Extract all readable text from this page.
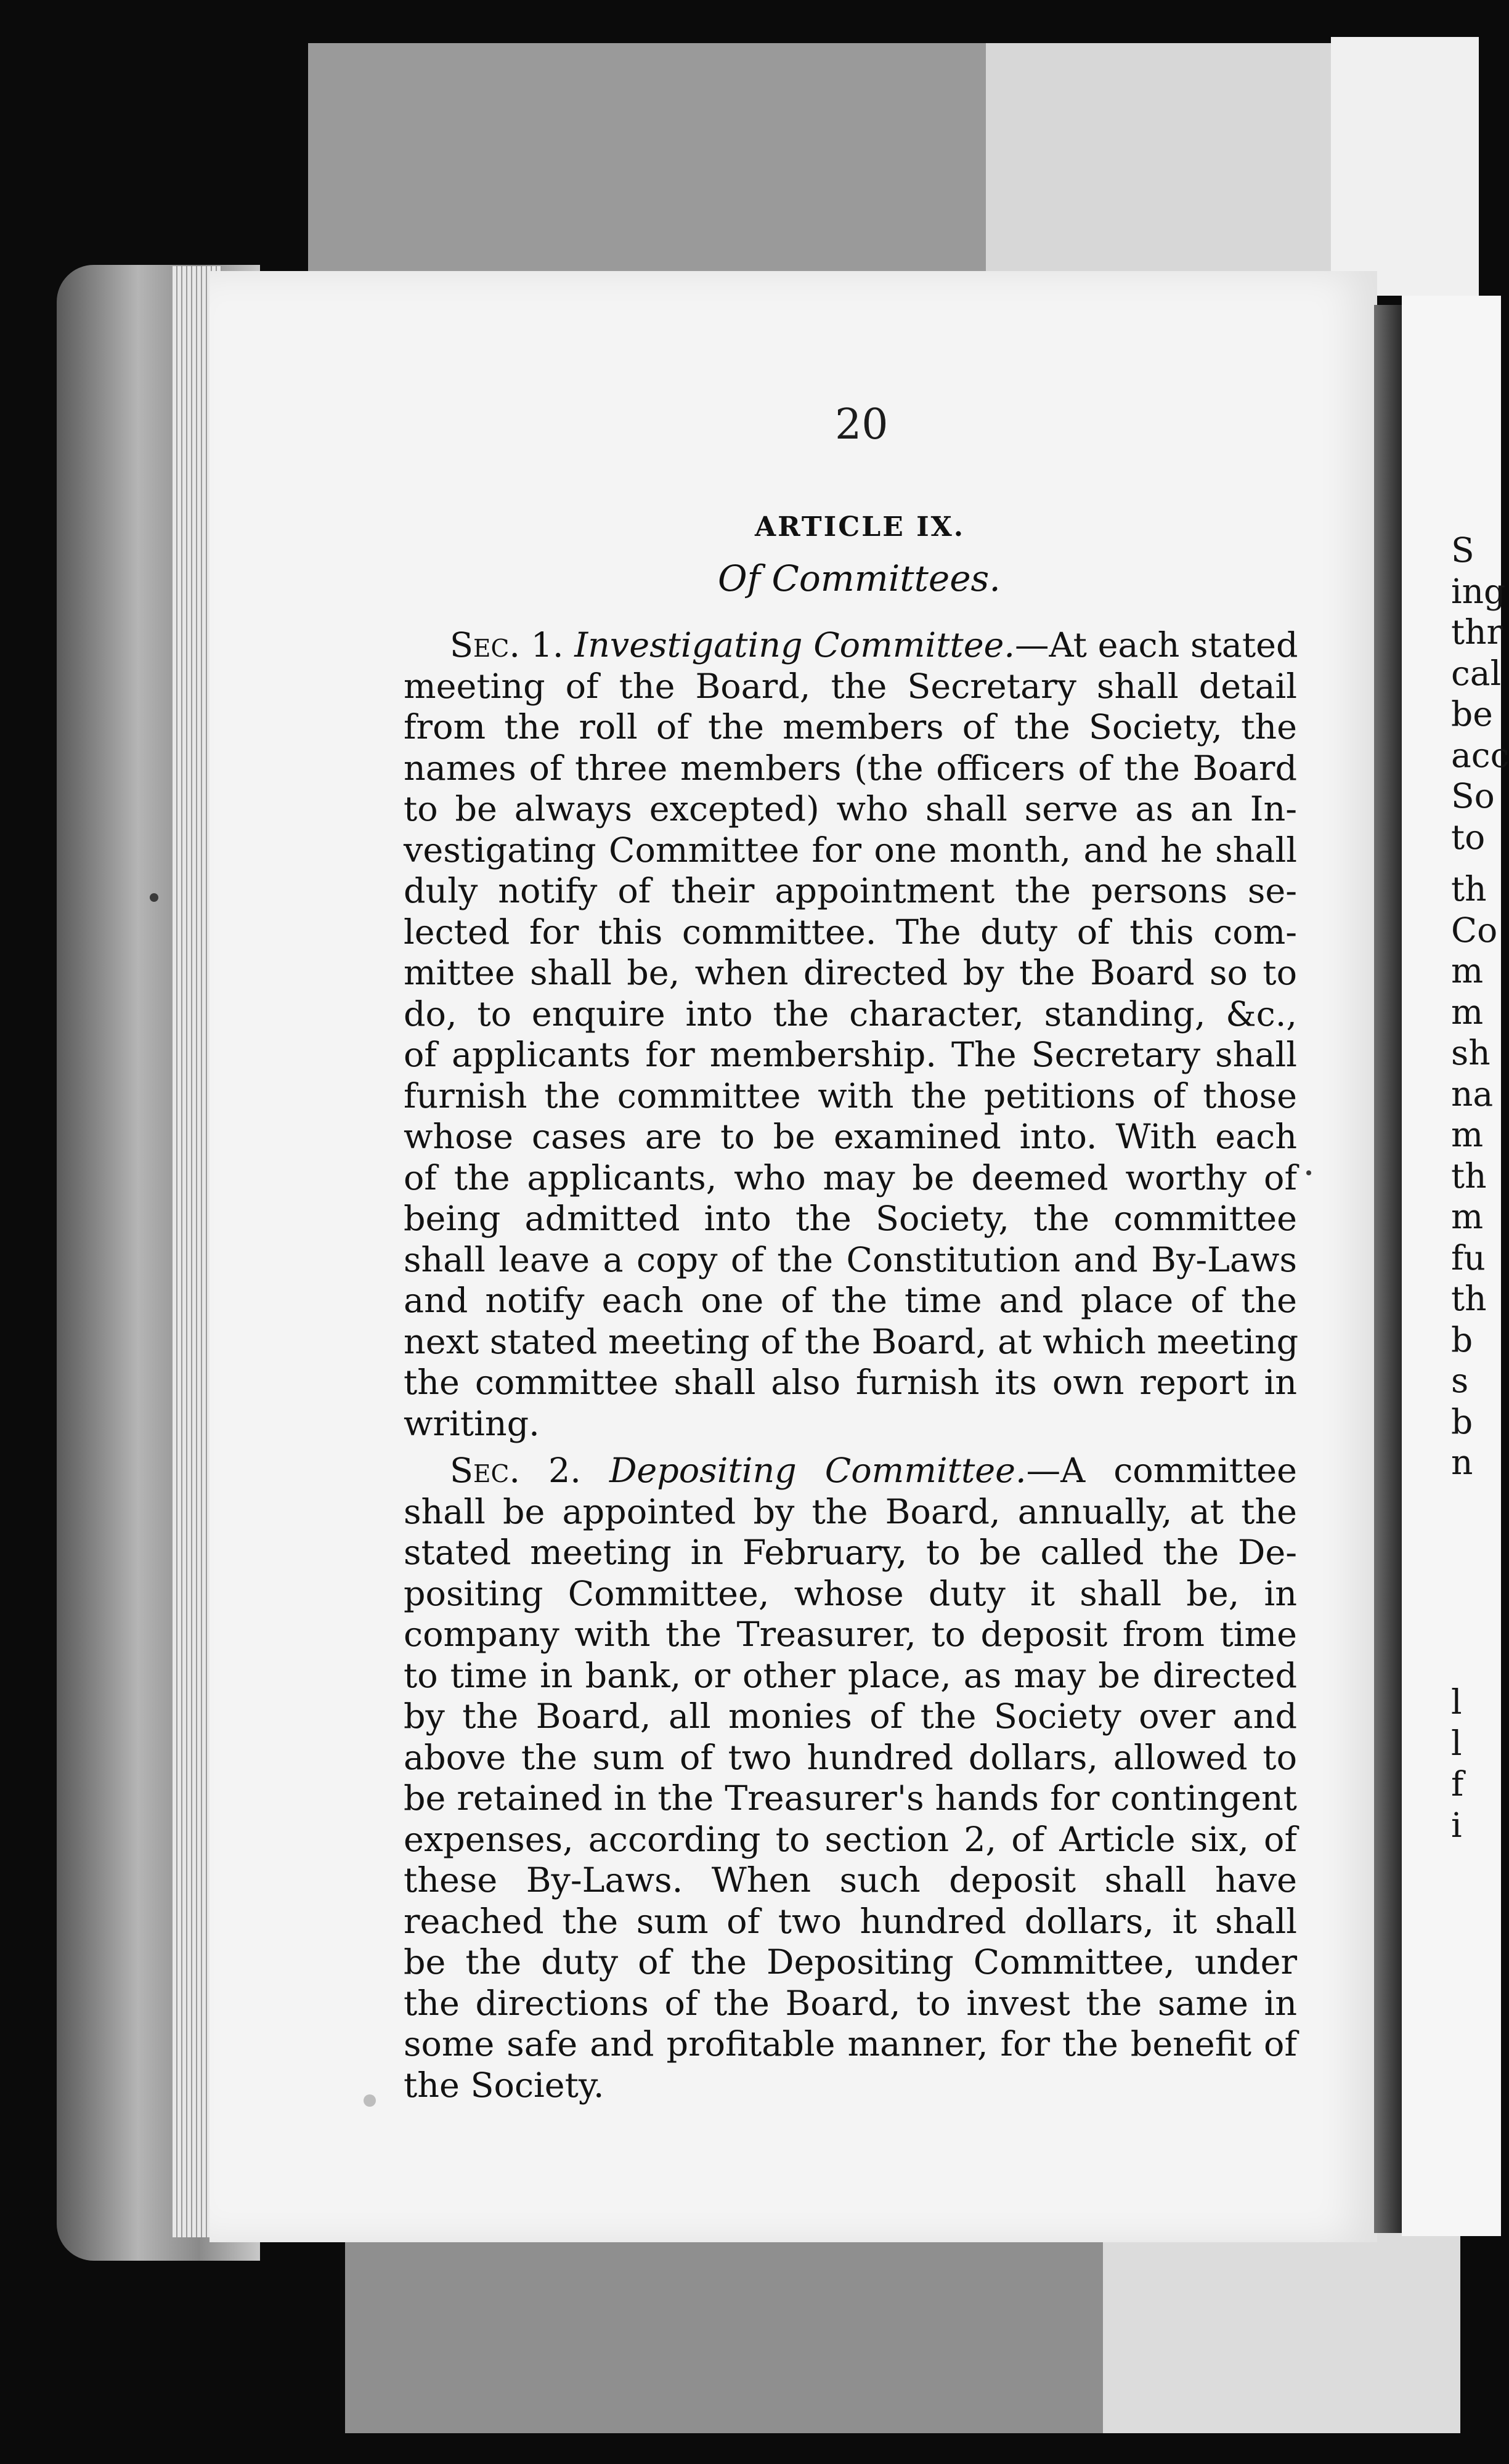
20
ARTICLE IX.
Of Committees.
Sec. 1. Investigating Committee.—At each stated
meeting of the Board, the Secretary shall detail
from the roll of the members of the Society, the
names of three members (the officers of the Board
to be always excepted) who shall serve as an In-
vestigating Committee for one month, and he shall
duly notify of their appointment the persons se-
lected for this committee. The duty of this com-
mittee shall be, when directed by the Board so to
do, to enquire into the character, standing, &c.,
of applicants for membership. The Secretary shall
furnish the committee with the petitions of those
whose cases are to be examined into. With each
of the applicants, who may be deemed worthy of
being admitted into the Society, the committee
shall leave a copy of the Constitution and By-Laws
and notify each one of the time and place of the
next stated meeting of the Board, at which meeting
the committee shall also furnish its own report in
writing.
Sec. 2. Depositing Committee.—A committee
shall be appointed by the Board, annually, at the
stated meeting in February, to be called the De-
positing Committee, whose duty it shall be, in
company with the Treasurer, to deposit from time
to time in bank, or other place, as may be directed
by the Board, all monies of the Society over and
above the sum of two hundred dollars, allowed to
be retained in the Treasurer's hands for contingent
expenses, according to section 2, of Article six, of
these By-Laws. When such deposit shall have
reached the sum of two hundred dollars, it shall
be the duty of the Depositing Committee, under
the directions of the Board, to invest the same in
some safe and profitable manner, for the benefit of
the Society.
S
ing
thr
cal
be
acc
So
to
th
Co
m
m
sh
na
m
th
m
fu
th
b
s
b
n
l
l
f
i
